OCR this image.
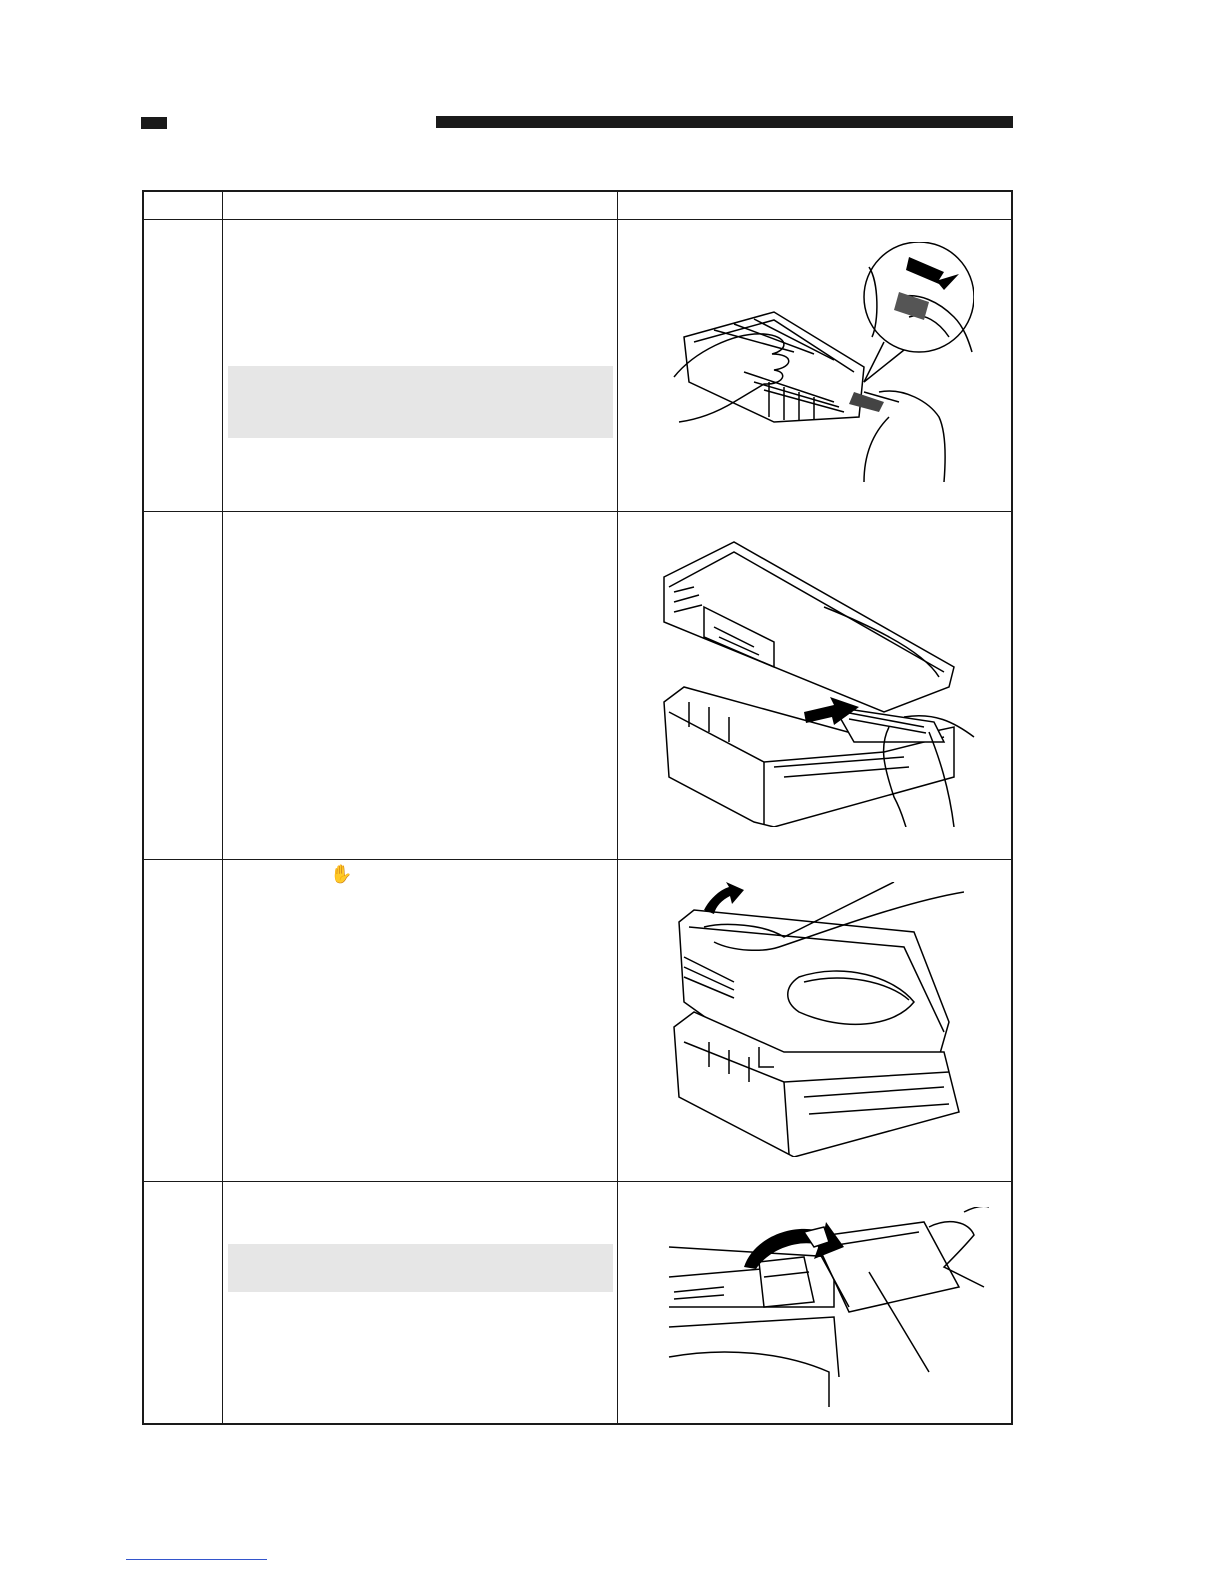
✋
